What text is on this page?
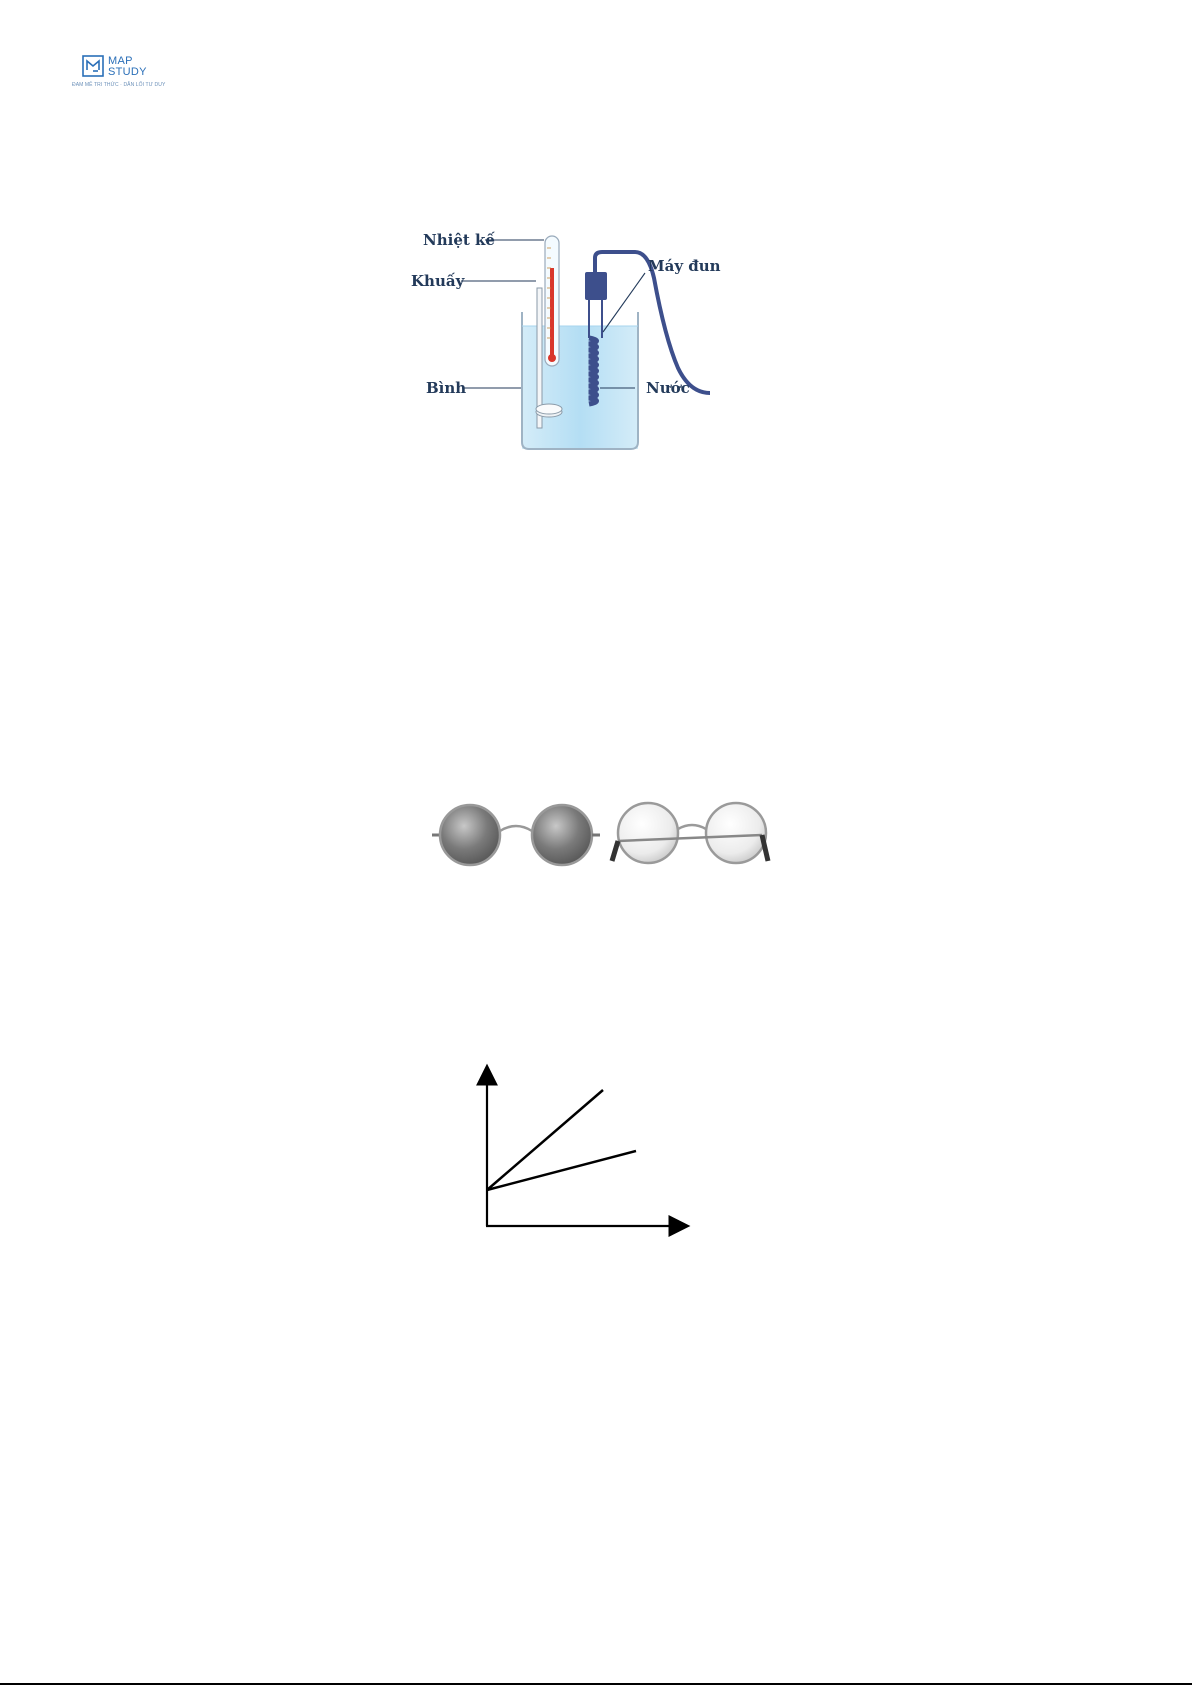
MAP
STUDY
ĐAM MÊ TRI THỨC · DẪN LỐI TƯ DUY
Nhiệt kế
Khuấy
Máy đun
Bình	Nước
